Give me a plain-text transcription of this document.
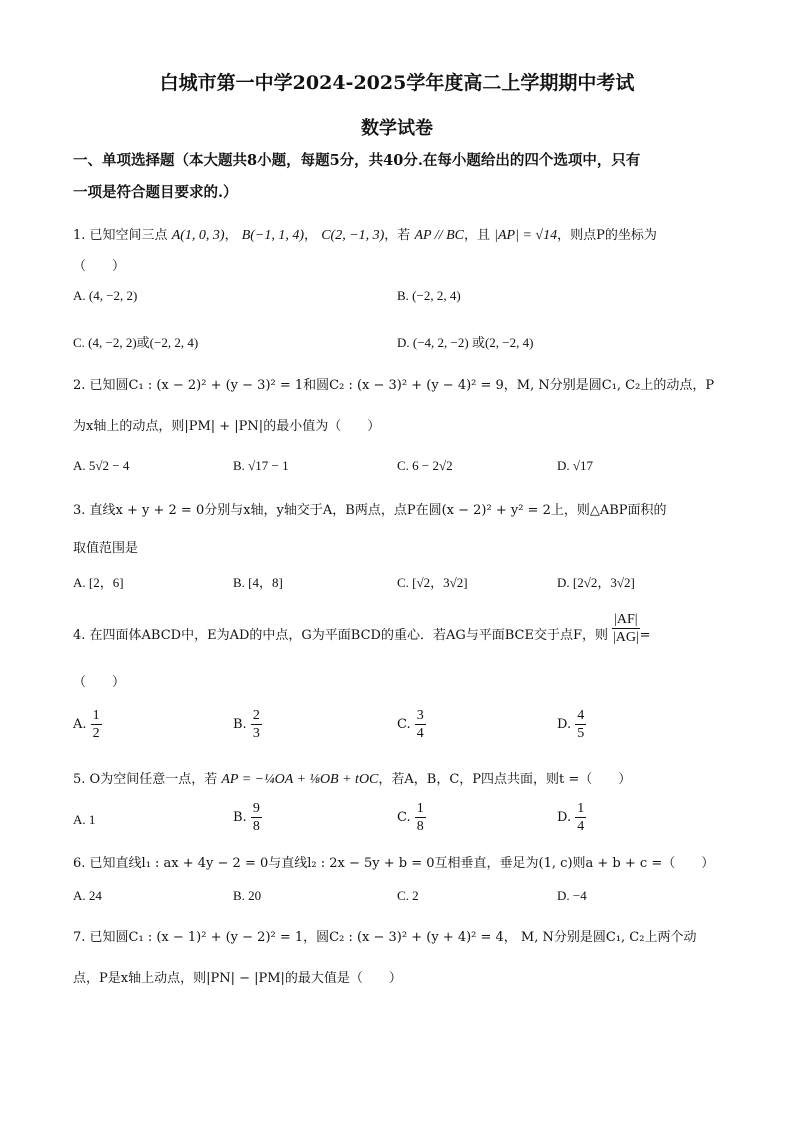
白城市第一中学2024-2025学年度高二上学期期中考试
数学试卷
一、单项选择题（本大题共8小题，每题5分，共40分.在每小题给出的四个选项中，只有
一项是符合题目要求的.）
1. 已知空间三点 A(1, 0, 3)， B(−1, 1, 4)， C(2, −1, 3)，若 AP // BC，且 |AP| = √14，则点P的坐标为
（　　）
A. (4, −2, 2)	B. (−2, 2, 4)
C. (4, −2, 2)或(−2, 2, 4)	D. (−4, 2, −2) 或(2, −2, 4)
2. 已知圆C₁ : (x − 2)² + (y − 3)² = 1和圆C₂ : (x − 3)² + (y − 4)² = 9，M, N分别是圆C₁, C₂上的动点，P
为x轴上的动点，则|PM| + |PN|的最小值为（　　）
A. 5√2 − 4	B. √17 − 1	C. 6 − 2√2	D. √17
3. 直线x + y + 2 = 0分别与x轴，y轴交于A，B两点，点P在圆(x − 2)² + y² = 2上，则△ABP面积的
取值范围是
A. [2，6]	B. [4，8]	C. [√2，3√2]	D. [2√2，3√2]
4. 在四面体ABCD中，E为AD的中点，G为平面BCD的重心．若AG与平面BCE交于点F，则 $\frac{|AF|}{|AG|}$ =
（　　）
A. $\frac{1}{2}$	B. $\frac{2}{3}$	C. $\frac{3}{4}$	D. $\frac{4}{5}$
5. O为空间任意一点，若 AP = −¼OA + ⅛OB + tOC，若A，B，C，P四点共面，则t =（　　）
A. 1	B. $\frac{9}{8}$	C. $\frac{1}{8}$	D. $\frac{1}{4}$
6. 已知直线l₁ : ax + 4y − 2 = 0与直线l₂ : 2x − 5y + b = 0互相垂直，垂足为(1, c)则a + b + c =（　　）
A. 24	B. 20	C. 2	D. −4
7. 已知圆C₁ : (x − 1)² + (y − 2)² = 1，圆C₂ : (x − 3)² + (y + 4)² = 4， M, N分别是圆C₁, C₂上两个动
点，P是x轴上动点，则|PN| − |PM|的最大值是（　　）
